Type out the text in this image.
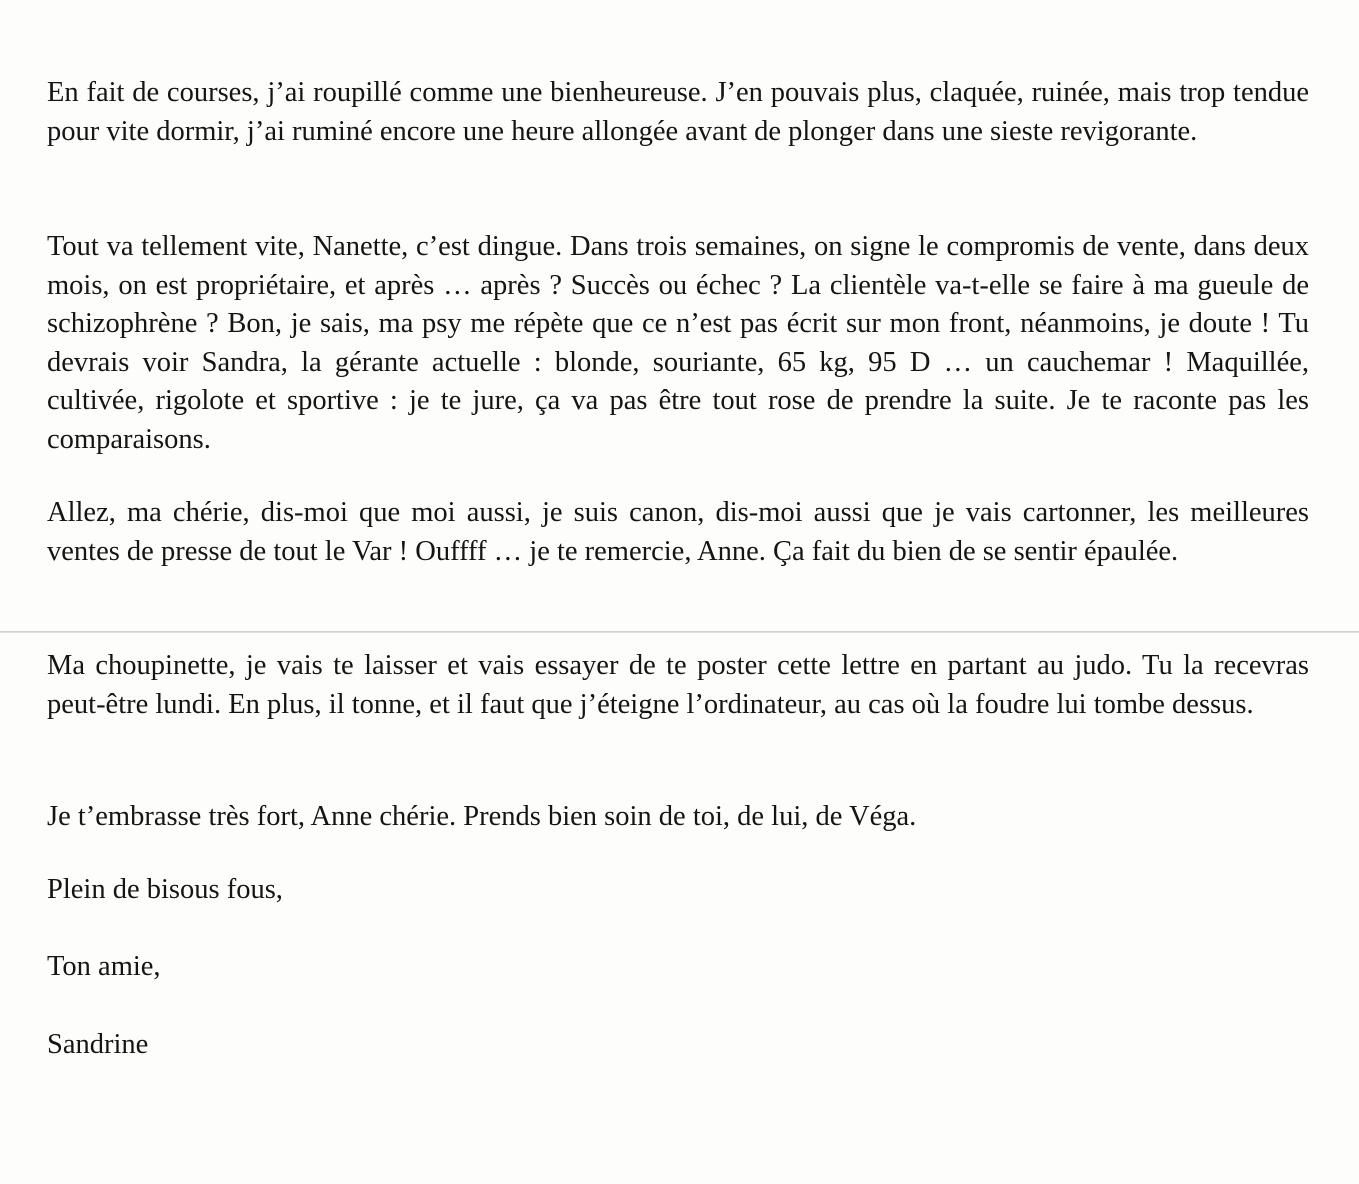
En fait de courses, j’ai roupillé comme une bienheureuse. J’en pouvais plus, claquée, ruinée, mais trop tendue pour vite dormir, j’ai ruminé encore une heure allongée avant de plonger dans une sieste revigorante.

Tout va tellement vite, Nanette, c’est dingue. Dans trois semaines, on signe le compromis de vente, dans deux mois, on est propriétaire, et après … après ? Succès ou échec ? La clientèle va-t-elle se faire à ma gueule de schizophrène ? Bon, je sais, ma psy me répète que ce n’est pas écrit sur mon front, néanmoins, je doute ! Tu devrais voir Sandra, la gérante actuelle : blonde, souriante, 65 kg, 95 D … un cauchemar ! Maquillée, cultivée, rigolote et sportive : je te jure, ça va pas être tout rose de prendre la suite. Je te raconte pas les comparaisons.

Allez, ma chérie, dis-moi que moi aussi, je suis canon, dis-moi aussi que je vais cartonner, les meilleures ventes de presse de tout le Var ! Ouffff … je te remercie, Anne. Ça fait du bien de se sentir épaulée.

Ma choupinette, je vais te laisser et vais essayer de te poster cette lettre en partant au judo. Tu la recevras peut-être lundi. En plus, il tonne, et il faut que j’éteigne l’ordinateur, au cas où la foudre lui tombe dessus.

Je t’embrasse très fort, Anne chérie. Prends bien soin de toi, de lui, de Véga.

Plein de bisous fous,

Ton amie,

Sandrine
